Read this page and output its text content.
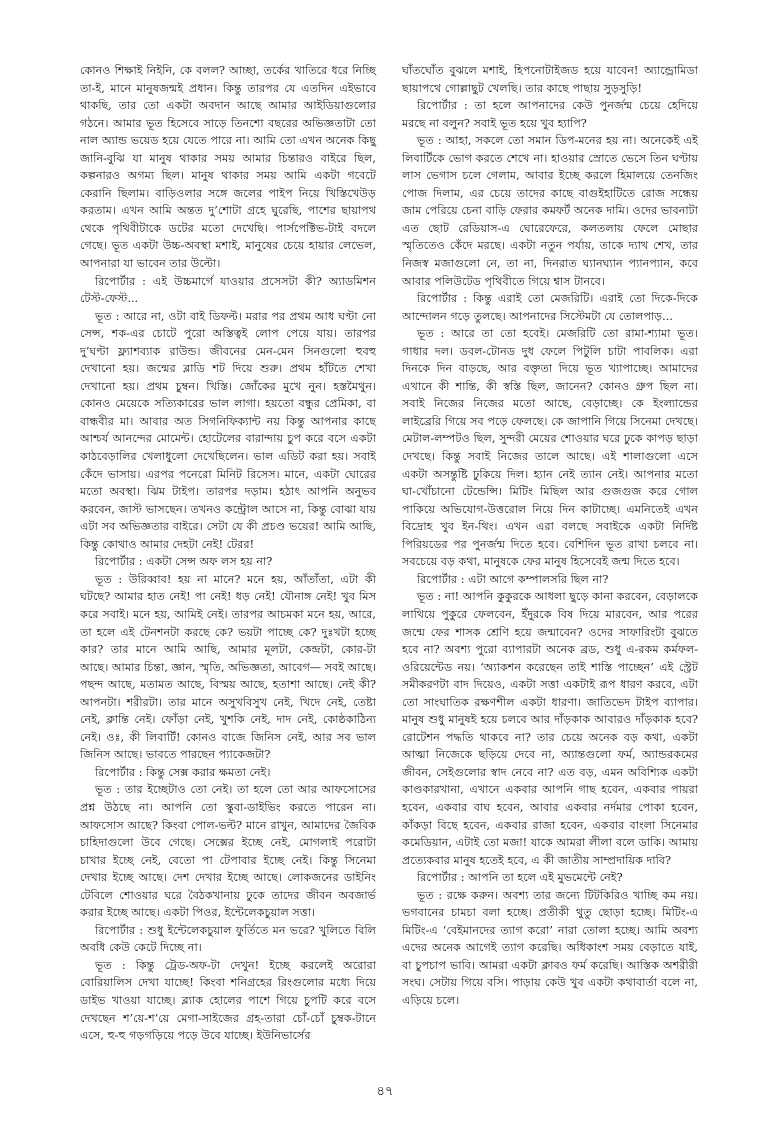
কোনও শিক্ষাই নিইনি, কে বলল? আচ্ছা, তর্কের খাতিরে ধরে নিচ্ছি তা-ই, মানে মানুষজন্মই প্রধান। কিন্তু তারপর যে এতদিন এইভাবে থাকছি, তার তো একটা অবদান আছে আমার আইডিয়াগুলোর গঠনে। আমার ভূত হিসেবে সাড়ে তিনশো বছরের অভিজ্ঞতাটা তো নাল অ্যান্ড ভয়েড হয়ে যেতে পারে না। আমি তো এখন অনেক কিছু জানি-বুঝি যা মানুষ থাকার সময় আমার চিন্তারও বাইরে ছিল, কল্পনারও অগম্য ছিল। মানুষ থাকার সময় আমি একটা গবেটে কেরানি ছিলাম। বাড়িওলার সঙ্গে জলের পাইপ নিয়ে খিস্তিখেউড় করতাম। এখন আমি অন্তত দু’শোটা গ্রহে ঘুরেছি, পাশের ছায়াপথ থেকে পৃথিবীটাকে ডটের মতো দেখেছি। পার্সপেক্টিভ-টাই বদলে গেছে। ভূত একটা উচ্চ-অবস্থা মশাই, মানুষের চেয়ে হায়ার লেভেল, আপনারা যা ভাবেন তার উল্টো।

রিপোর্টার : এই উচ্চমার্গে যাওয়ার প্রসেসটা কী? অ্যাডমিশন টেস্ট-ফেস্ট...

ভূত : আরে না, ওটা বাই ডিফল্ট। মরার পর প্রথম আধ ঘণ্টা নো সেন্স, শক-এর চোটে পুরো অস্তিত্বই লোপ পেয়ে যায়। তারপর দু’ঘণ্টা ফ্ল্যাশব্যাক রাউন্ড। জীবনের মেন-মেন সিনগুলো হুবহু দেখানো হয়। জন্মের ব্লাডি শট দিয়ে শুরু। প্রথম হাঁটতে শেখা দেখানো হয়। প্রথম চুম্বন। খিস্তি। জোঁকের মুখে নুন। হস্তমৈথুন। কোনও মেয়েকে সত্যিকারের ভাল লাগা। হয়তো বন্ধুর প্রেমিকা, বা বান্ধবীর মা। আবার অত সিগনিফিক্যান্ট নয় কিন্তু আপনার কাছে আশ্চর্য আনন্দের মোমেন্ট। হোটেলের বারান্দায় চুপ করে বসে একটা কাঠবেড়ালির খেলাধুলো দেখেছিলেন। ভাল এডিট করা হয়। সবাই কেঁদে ভাসায়। এরপর পনেরো মিনিট রিসেস। মানে, একটা ঘোরের মতো অবস্থা। ঝিম টাইপ। তারপর দড়াম। হঠাৎ আপনি অনুভব করবেন, জাস্ট ভাসছেন। তখনও কন্ট্রোল আসে না, কিন্তু বোঝা যায় এটা সব অভিজ্ঞতার বাইরে। সেটা যে কী প্রচণ্ড ভয়ের! আমি আছি, কিন্তু কোথাও আমার দেহটা নেই! টেরর!

রিপোর্টার : একটা সেন্স অফ লস হয় না?

ভূত : উরিব্বাব! হয় না মানে? মনে হয়, আঁতাঁতা, এটা কী ঘটছে? আমার হাত নেই! পা নেই! ধড় নেই! যৌনাঙ্গ নেই! খুব মিস করে সবাই। মনে হয়, আমিই নেই। তারপর আচমকা মনে হয়, আরে, তা হলে এই টেনশনটা করছে কে? ভয়টা পাচ্ছে কে? দুঃখটা হচ্ছে কার? তার মানে আমি আছি, আমার মূলটা, কেন্দ্রটা, কোর-টা আছে। আমার চিন্তা, জ্ঞান, স্মৃতি, অভিজ্ঞতা, আবেগ— সবই আছে। পছন্দ আছে, মতামত আছে, বিস্ময় আছে, হতাশা আছে। নেই কী? আপনটা। শরীরটা। তার মানে অসুখবিসুখ নেই, খিদে নেই, তেষ্টা নেই, ক্লান্তি নেই। ফোঁড়া নেই, খুশকি নেই, দাদ নেই, কোষ্ঠকাঠিন্য নেই। ওঃ, কী লিবার্টি! কোনও বাজে জিনিস নেই, আর সব ভাল জিনিস আছে। ভাবতে পারছেন প্যাকেজটা?

রিপোর্টার : কিন্তু সেক্স করার ক্ষমতা নেই।

ভূত : তার ইচ্ছেটাও তো নেই। তা হলে তো আর আফসোসের প্রশ্ন উঠছে না। আপনি তো স্কুবা-ডাইভিং করতে পারেন না। আফসোস আছে? কিংবা পোল-ভল্ট? মানে রাখুন, আমাদের জৈবিক চাহিদাগুলো উবে গেছে। সেক্সের ইচ্ছে নেই, মোগলাই পরোটা চাখার ইচ্ছে নেই, বেতো পা টেপাবার ইচ্ছে নেই। কিন্তু সিনেমা দেখার ইচ্ছে আছে। দেশ দেখার ইচ্ছে আছে। লোকজনের ডাইনিং টেবিলে শোওয়ার ঘরে বৈঠকখানায় ঢুকে তাদের জীবন অবজার্ভ করার ইচ্ছে আছে। একটা পিওর, ইন্টেলেকচুয়াল সত্তা।

রিপোর্টার : শুধু ইন্টেলেকচুয়াল ফুর্তিতে মন ভরে? খুলিতে বিলি অবধি কেউ কেটে দিচ্ছে না।

ভূত : কিন্তু ট্রেড-অফ-টা দেখুন! ইচ্ছে করলেই অরোরা বোরিয়ালিস দেখা যাচ্ছে! কিংবা শনিগ্রহের রিংগুলোর মধ্যে দিয়ে ডাইভ খাওয়া যাচ্ছে। ব্ল্যাক হোলের পাশে গিয়ে চুপটি করে বসে দেখছেন শ’য়ে-শ’য়ে মেগা-সাইজের গ্রহ-তারা চোঁ-চোঁ চুম্বক-টানে এসে, হু-হু গড়গড়িয়ে পড়ে উবে যাচ্ছে। ইউনিভার্সের

ঘাঁতঘোঁত বুঝলে মশাই, হিপনোটাইজড হয়ে যাবেন! অ্যান্ড্রোমিডা ছায়াপথে গোল্লাছুট খেলছি। তার কাছে পাছায় সুড়সুড়ি!

রিপোর্টার : তা হলে আপনাদের কেউ পুনর্জন্ম চেয়ে হেদিয়ে মরছে না বলুন? সবাই ভূত হয়ে খুব হ্যাপি?

ভূত : আহা, সকলে তো সমান ডিপ-মনের হয় না। অনেকেই এই লিবার্টিকে ভোগ করতে শেখে না। হাওয়ার স্রোতে ভেসে তিন ঘণ্টায় লাস ভেগাস চলে গেলাম, আবার ইচ্ছে করলে হিমালয়ে তেনজিং পোজ দিলাম, এর চেয়ে তাদের কাছে বাগুইহাটিতে রোজ সন্ধেয় জাম পেরিয়ে চেনা বাড়ি ফেরার কমফর্ট অনেক দামি। ওদের ভাবনাটা এত ছোট রেডিয়াস-এ ঘোরেফেরে, কলতলায় ফেলে মোছার স্মৃতিতেও কেঁদে মরছে। একটা নতুন পর্যায়, তাকে দ্যাখ শেখ, তার নিজস্ব মজাগুলো নে, তা না, দিনরাত ঘ্যানঘ্যান প্যানপ্যান, কবে আবার পলিউটেড পৃথিবীতে গিয়ে শ্বাস টানবে।

রিপোর্টার : কিন্তু এরাই তো মেজরিটি। এরাই তো দিকে-দিকে আন্দোলন গড়ে তুলছে। আপনাদের সিস্টেমটা যে তোলপাড়...

ভূত : আরে তা তো হবেই। মেজরিটি তো রামা-শ্যামা ভূত। গাধার দল। ডবল-টোনড দুধ ফেলে পিটুলি চাটা পাবলিক। এরা দিনকে দিন বাড়ছে, আর বক্তৃতা দিয়ে ভূত খ্যাপাচ্ছে। আমাদের এখানে কী শান্তি, কী স্বস্তি ছিল, জানেন? কোনও গ্রুপ ছিল না। সবাই নিজের নিজের মতো আছে, বেড়াচ্ছে। কে ইংল্যান্ডের লাইব্রেরি গিয়ে সব পড়ে ফেলছে। কে জাপানি গিয়ে সিনেমা দেখছে। মেটাল-লম্পটও ছিল, সুন্দরী মেয়ের শোওয়ার ঘরে ঢুকে কাপড় ছাড়া দেখছে। কিন্তু সবাই নিজের তালে আছে। এই শালাগুলো এসে একটা অসন্তুষ্টি ঢুকিয়ে দিল। হ্যান নেই ত্যান নেই। আপনার মতো ঘা-খোঁচানো টেন্ডেন্সি। মিটিং মিছিল আর গুজগুজ করে গোল পাকিয়ে অভিযোগ-উত্তরোল নিয়ে দিন কাটাচ্ছে। এমনিতেই এখন বিদ্রোহ খুব ইন-থিং। এখন এরা বলছে সবাইকে একটা নির্দিষ্ট পিরিয়ডের পর পুনর্জন্ম দিতে হবে। বেশিদিন ভূত রাখা চলবে না। সবচেয়ে বড় কথা, মানুষকে ফের মানুষ হিসেবেই জন্ম দিতে হবে।

রিপোর্টার : এটা আগে কম্পালসরি ছিল না?

ভূত : না! আপনি কুকুরকে আধলা ছুড়ে কানা করবেন, বেড়ালকে লাথিয়ে পুকুরে ফেলবেন, ইঁদুরকে বিষ দিয়ে মারবেন, আর পরের জন্মে ফের শাসক শ্রেণি হয়ে জন্মাবেন? ওদের সাফারিংটা বুঝতে হবে না? অবশ্য পুরো ব্যাপারটা অনেক ব্রড, শুধু এ-রকম কর্মফল-ওরিয়েন্টেড নয়। ‘অ্যাকশন করেছেন তাই শাস্তি পাচ্ছেন’ এই স্ট্রেট সমীকরণটা বাদ দিয়েও, একটা সত্তা একটাই রূপ ধারণ করবে, এটা তো সাংঘাতিক রক্ষণশীল একটা ধারণা। জাতিভেদ টাইপ ব্যাপার। মানুষ শুধু মানুষই হয়ে চলবে আর দাঁড়কাক আবারও দাঁড়কাক হবে? রোটেশন পদ্ধতি থাকবে না? তার চেয়ে অনেক বড় কথা, একটা আত্মা নিজেকে ছড়িয়ে দেবে না, অ্যান্তগুলো ফর্ম, অ্যান্ডরকমের জীবন, সেইগুলোর স্বাদ নেবে না? এত বড়, এমন অবিশ্যিক একটা কাণ্ডকারখানা, এখানে একবার আপনি গাছ হবেন, একবার পায়রা হবেন, একবার বাঘ হবেন, আবার একবার নর্দমার পোকা হবেন, কাঁকড়া বিছে হবেন, একবার রাজা হবেন, একবার বাংলা সিনেমার কমেডিয়ান, এটাই তো মজা! যাকে আমরা লীলা বলে ডাকি। আমায় প্রত্যেকবার মানুষ হতেই হবে, এ কী জাতীয় সাম্প্রদায়িক দাবি?

রিপোর্টার : আপনি তা হলে এই মুভমেন্টে নেই?

ভূত : রক্ষে করুন। অবশ্য তার জন্যে টিটকিরিও খাচ্ছি কম নয়। ভগবানের চামচা বলা হচ্ছে। প্রতীকী থুতু ছোড়া হচ্ছে। মিটিং-এ মিটিং-এ ‘বেইমানদের ত্যাগ করো’ নারা তোলা হচ্ছে। আমি অবশ্য এদের অনেক আগেই ত্যাগ করেছি। অধিকাংশ সময় বেড়াতে যাই, বা চুপচাপ ভাবি। আমরা একটা ক্লাবও ফর্ম করেছি। আস্তিক অশরীরী সংঘ। সেটায় গিয়ে বসি। পাড়ায় কেউ খুব একটা কথাবার্তা বলে না, এড়িয়ে চলে।

৪৭
